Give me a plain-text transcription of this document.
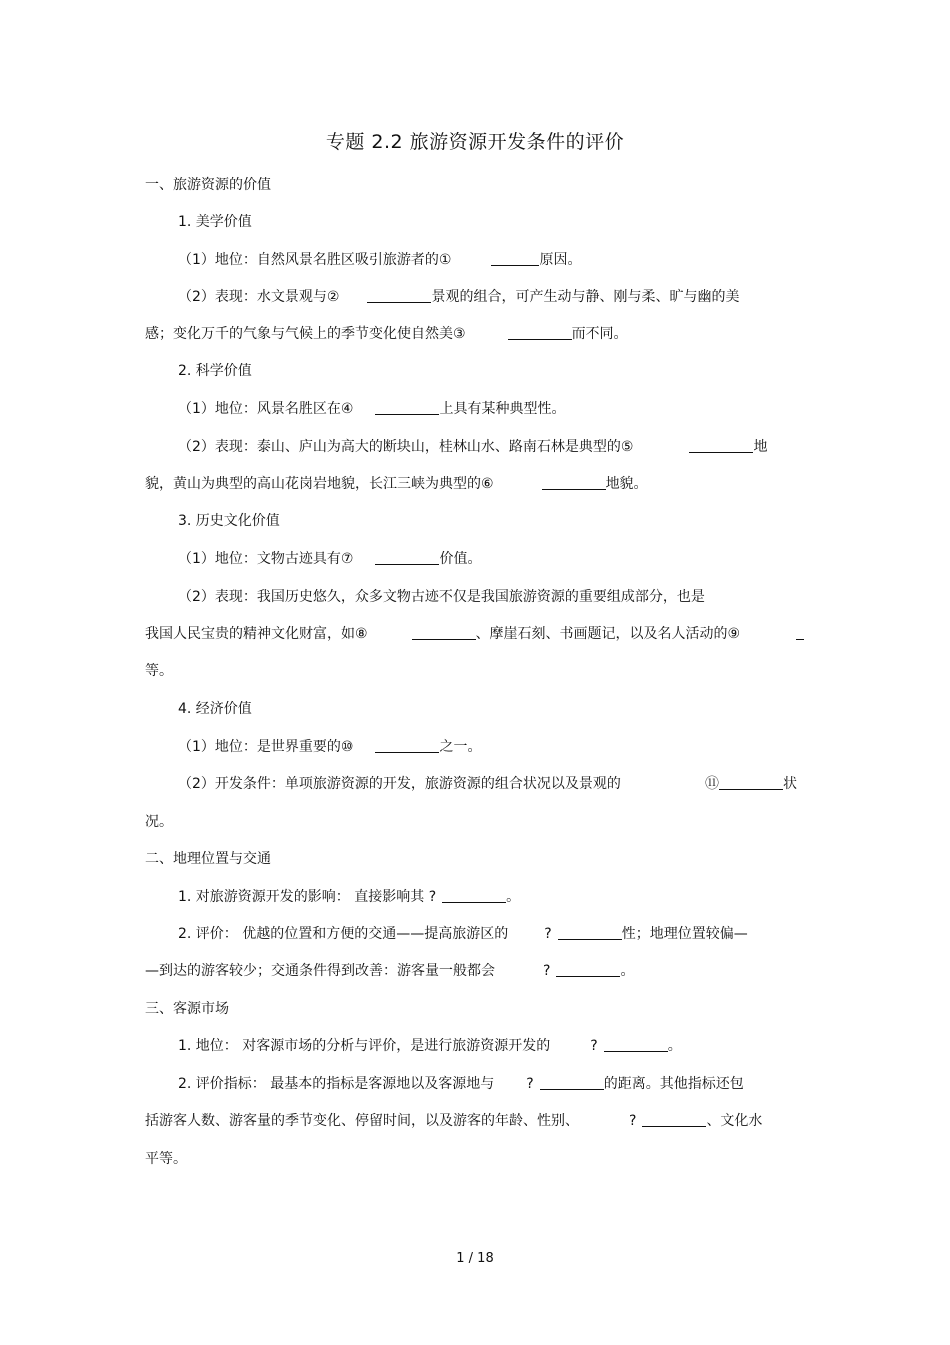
专题 2.2 旅游资源开发条件的评价
一、旅游资源的价值
1. 美学价值
（1）地位：自然风景名胜区吸引旅游者的①	原因。
（2）表现：水文景观与②	景观的组合，可产生动与静、刚与柔、旷与幽的美
感；变化万千的气象与气候上的季节变化使自然美③	而不同。
2. 科学价值
（1）地位：风景名胜区在④	上具有某种典型性。
（2）表现：泰山、庐山为高大的断块山，桂林山水、路南石林是典型的⑤	地
貌，黄山为典型的高山花岗岩地貌，长江三峡为典型的⑥	地貌。
3. 历史文化价值
（1）地位：文物古迹具有⑦	价值。
（2）表现：我国历史悠久，众多文物古迹不仅是我国旅游资源的重要组成部分，也是
我国人民宝贵的精神文化财富，如⑧	、摩崖石刻、书画题记，以及名人活动的⑨
等。
4. 经济价值
（1）地位：是世界重要的⑩	之一。
（2）开发条件：单项旅游资源的开发，旅游资源的组合状况以及景观的	⑪	状
况。
二、地理位置与交通
1. 对旅游资源开发的影响： 直接影响其 ?	。
2. 评价： 优越的位置和方便的交通——提高旅游区的	?	性；地理位置较偏—
—到达的游客较少；交通条件得到改善：游客量一般都会	?	。
三、客源市场
1. 地位： 对客源市场的分析与评价，是进行旅游资源开发的	?	。
2. 评价指标： 最基本的指标是客源地以及客源地与 ?	的距离。其他指标还包
括游客人数、游客量的季节变化、停留时间，以及游客的年龄、性别、	?	、文化水
平等。
1 / 18
